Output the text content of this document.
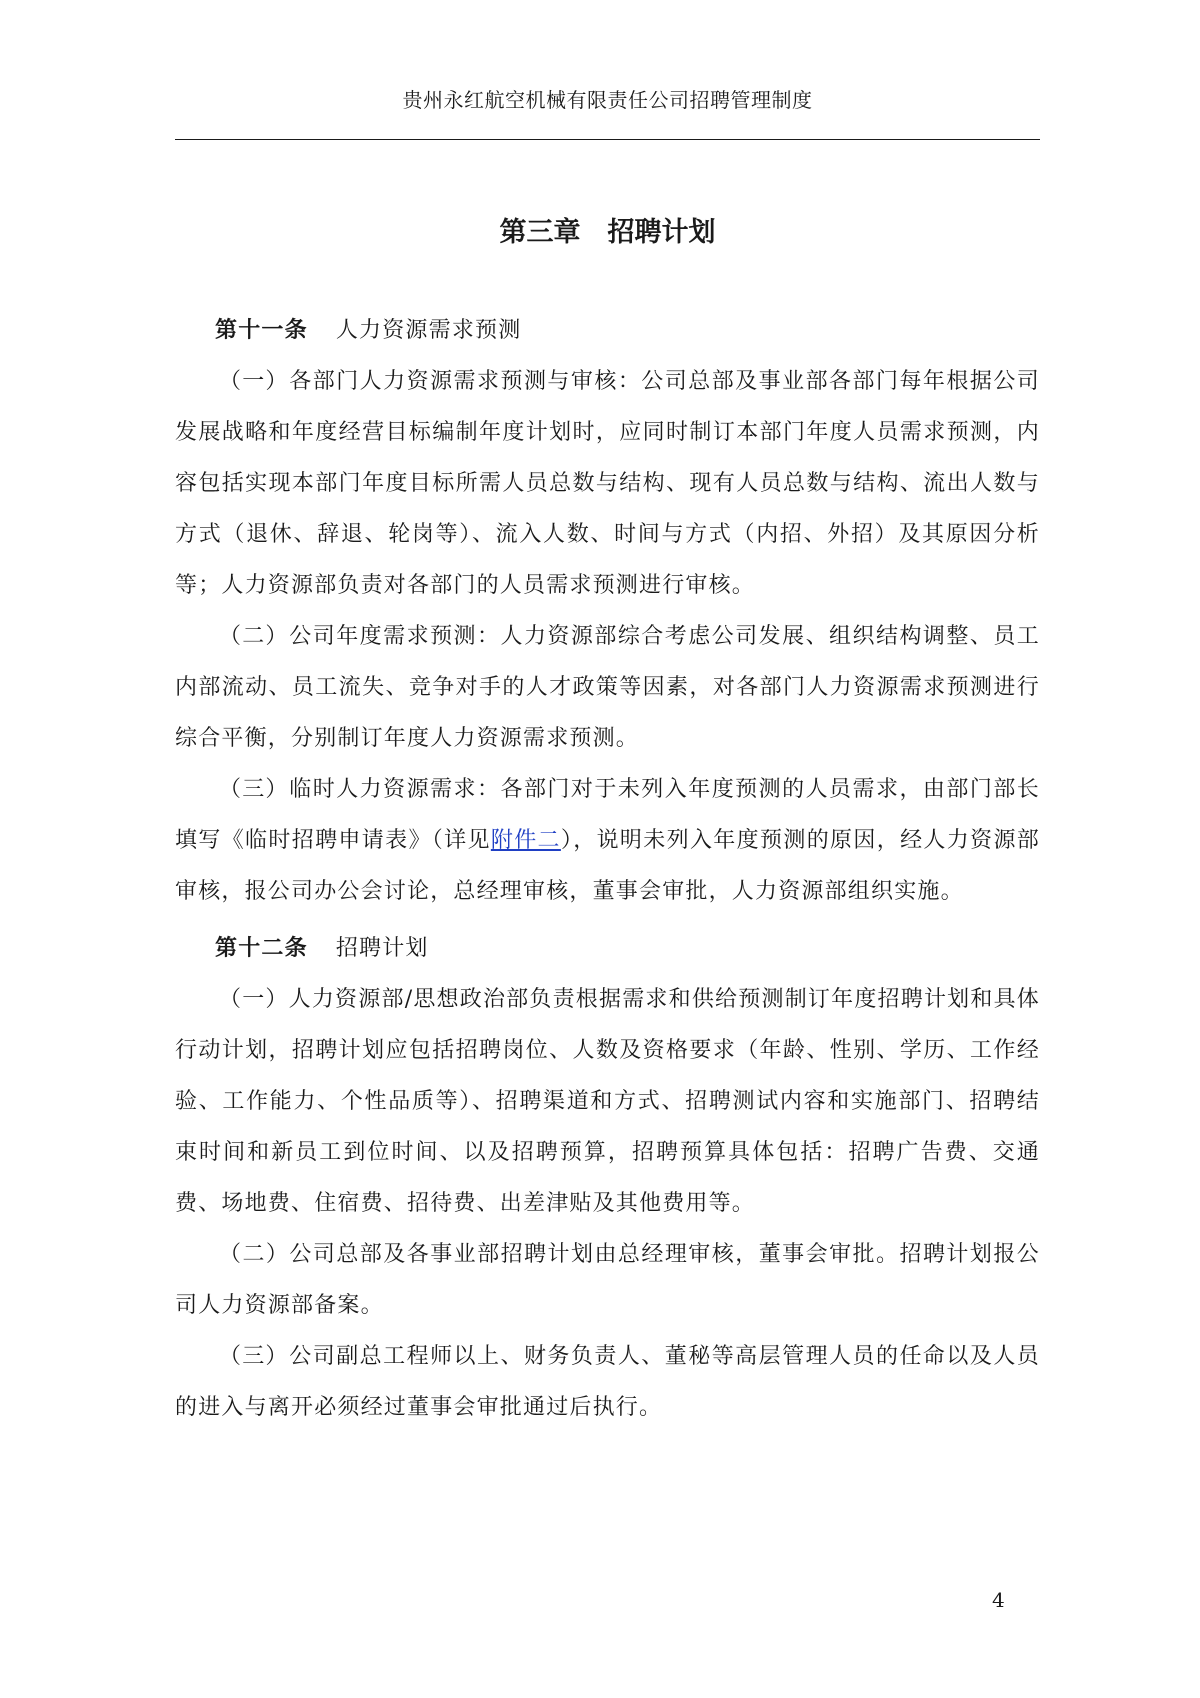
贵州永红航空机械有限责任公司招聘管理制度
第三章　招聘计划

第十一条 人力资源需求预测

（一）各部门人力资源需求预测与审核：公司总部及事业部各部门每年根据公司发展战略和年度经营目标编制年度计划时，应同时制订本部门年度人员需求预测，内容包括实现本部门年度目标所需人员总数与结构、现有人员总数与结构、流出人数与方式（退休、辞退、轮岗等）、流入人数、时间与方式（内招、外招）及其原因分析等；人力资源部负责对各部门的人员需求预测进行审核。

（二）公司年度需求预测：人力资源部综合考虑公司发展、组织结构调整、员工内部流动、员工流失、竞争对手的人才政策等因素，对各部门人力资源需求预测进行综合平衡，分别制订年度人力资源需求预测。

（三）临时人力资源需求：各部门对于未列入年度预测的人员需求，由部门部长填写《临时招聘申请表》（详见附件二），说明未列入年度预测的原因，经人力资源部审核，报公司办公会讨论，总经理审核，董事会审批，人力资源部组织实施。

第十二条 招聘计划

（一）人力资源部/思想政治部负责根据需求和供给预测制订年度招聘计划和具体行动计划，招聘计划应包括招聘岗位、人数及资格要求（年龄、性别、学历、工作经验、工作能力、个性品质等）、招聘渠道和方式、招聘测试内容和实施部门、招聘结束时间和新员工到位时间、以及招聘预算，招聘预算具体包括：招聘广告费、交通费、场地费、住宿费、招待费、出差津贴及其他费用等。

（二）公司总部及各事业部招聘计划由总经理审核，董事会审批。招聘计划报公司人力资源部备案。

（三）公司副总工程师以上、财务负责人、董秘等高层管理人员的任命以及人员的进入与离开必须经过董事会审批通过后执行。

4
